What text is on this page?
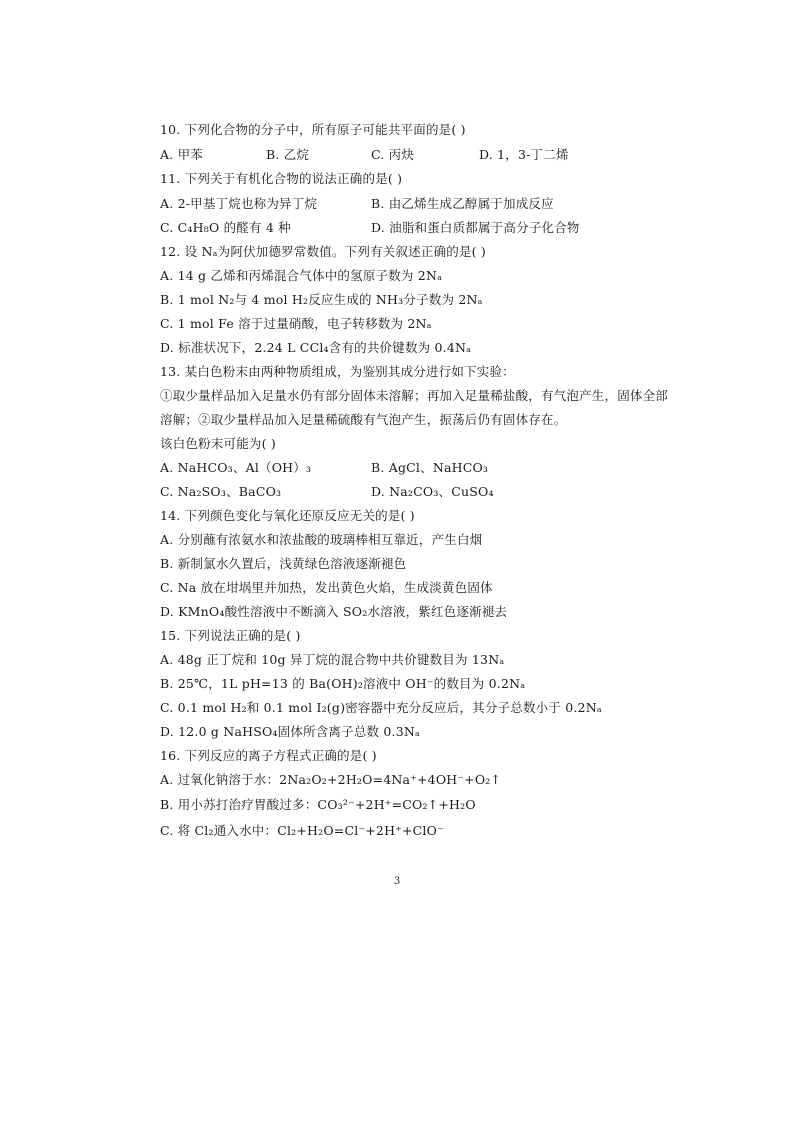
10. 下列化合物的分子中，所有原子可能共平面的是( )
A. 甲苯	B. 乙烷	C. 丙炔	D. 1，3-丁二烯
11. 下列关于有机化合物的说法正确的是( )
A. 2-甲基丁烷也称为异丁烷	B. 由乙烯生成乙醇属于加成反应
C. C₄H₈O 的醛有 4 种	D. 油脂和蛋白质都属于高分子化合物
12. 设 Nₐ为阿伏加德罗常数值。下列有关叙述正确的是( )
A. 14 g 乙烯和丙烯混合气体中的氢原子数为 2Nₐ
B. 1 mol N₂与 4 mol H₂反应生成的 NH₃分子数为 2Nₐ
C. 1 mol Fe 溶于过量硝酸，电子转移数为 2Nₐ
D. 标准状况下，2.24 L CCl₄含有的共价键数为 0.4Nₐ
13. 某白色粉末由两种物质组成，为鉴别其成分进行如下实验：
①取少量样品加入足量水仍有部分固体未溶解；再加入足量稀盐酸，有气泡产生，固体全部
溶解；②取少量样品加入足量稀硫酸有气泡产生，振荡后仍有固体存在。
该白色粉末可能为( )
A. NaHCO₃、Al（OH）₃	B. AgCl、NaHCO₃
C. Na₂SO₃、BaCO₃	D. Na₂CO₃、CuSO₄
14. 下列颜色变化与氧化还原反应无关的是( )
A. 分别蘸有浓氨水和浓盐酸的玻璃棒相互靠近，产生白烟
B. 新制氯水久置后，浅黄绿色溶液逐渐褪色
C. Na 放在坩埚里并加热，发出黄色火焰，生成淡黄色固体
D. KMnO₄酸性溶液中不断滴入 SO₂水溶液，紫红色逐渐褪去
15. 下列说法正确的是( )
A. 48g 正丁烷和 10g 异丁烷的混合物中共价键数目为 13Nₐ
B. 25℃，1L pH=13 的 Ba(OH)₂溶液中 OH⁻的数目为 0.2Nₐ
C. 0.1 mol H₂和 0.1 mol I₂(g)密容器中充分反应后，其分子总数小于 0.2Nₐ
D. 12.0 g NaHSO₄固体所含离子总数 0.3Nₐ
16. 下列反应的离子方程式正确的是( )
A. 过氧化钠溶于水：2Na₂O₂+2H₂O=4Na⁺+4OH⁻+O₂↑
B. 用小苏打治疗胃酸过多：CO₃²⁻+2H⁺=CO₂↑+H₂O
C. 将 Cl₂通入水中：Cl₂+H₂O=Cl⁻+2H⁺+ClO⁻
3
